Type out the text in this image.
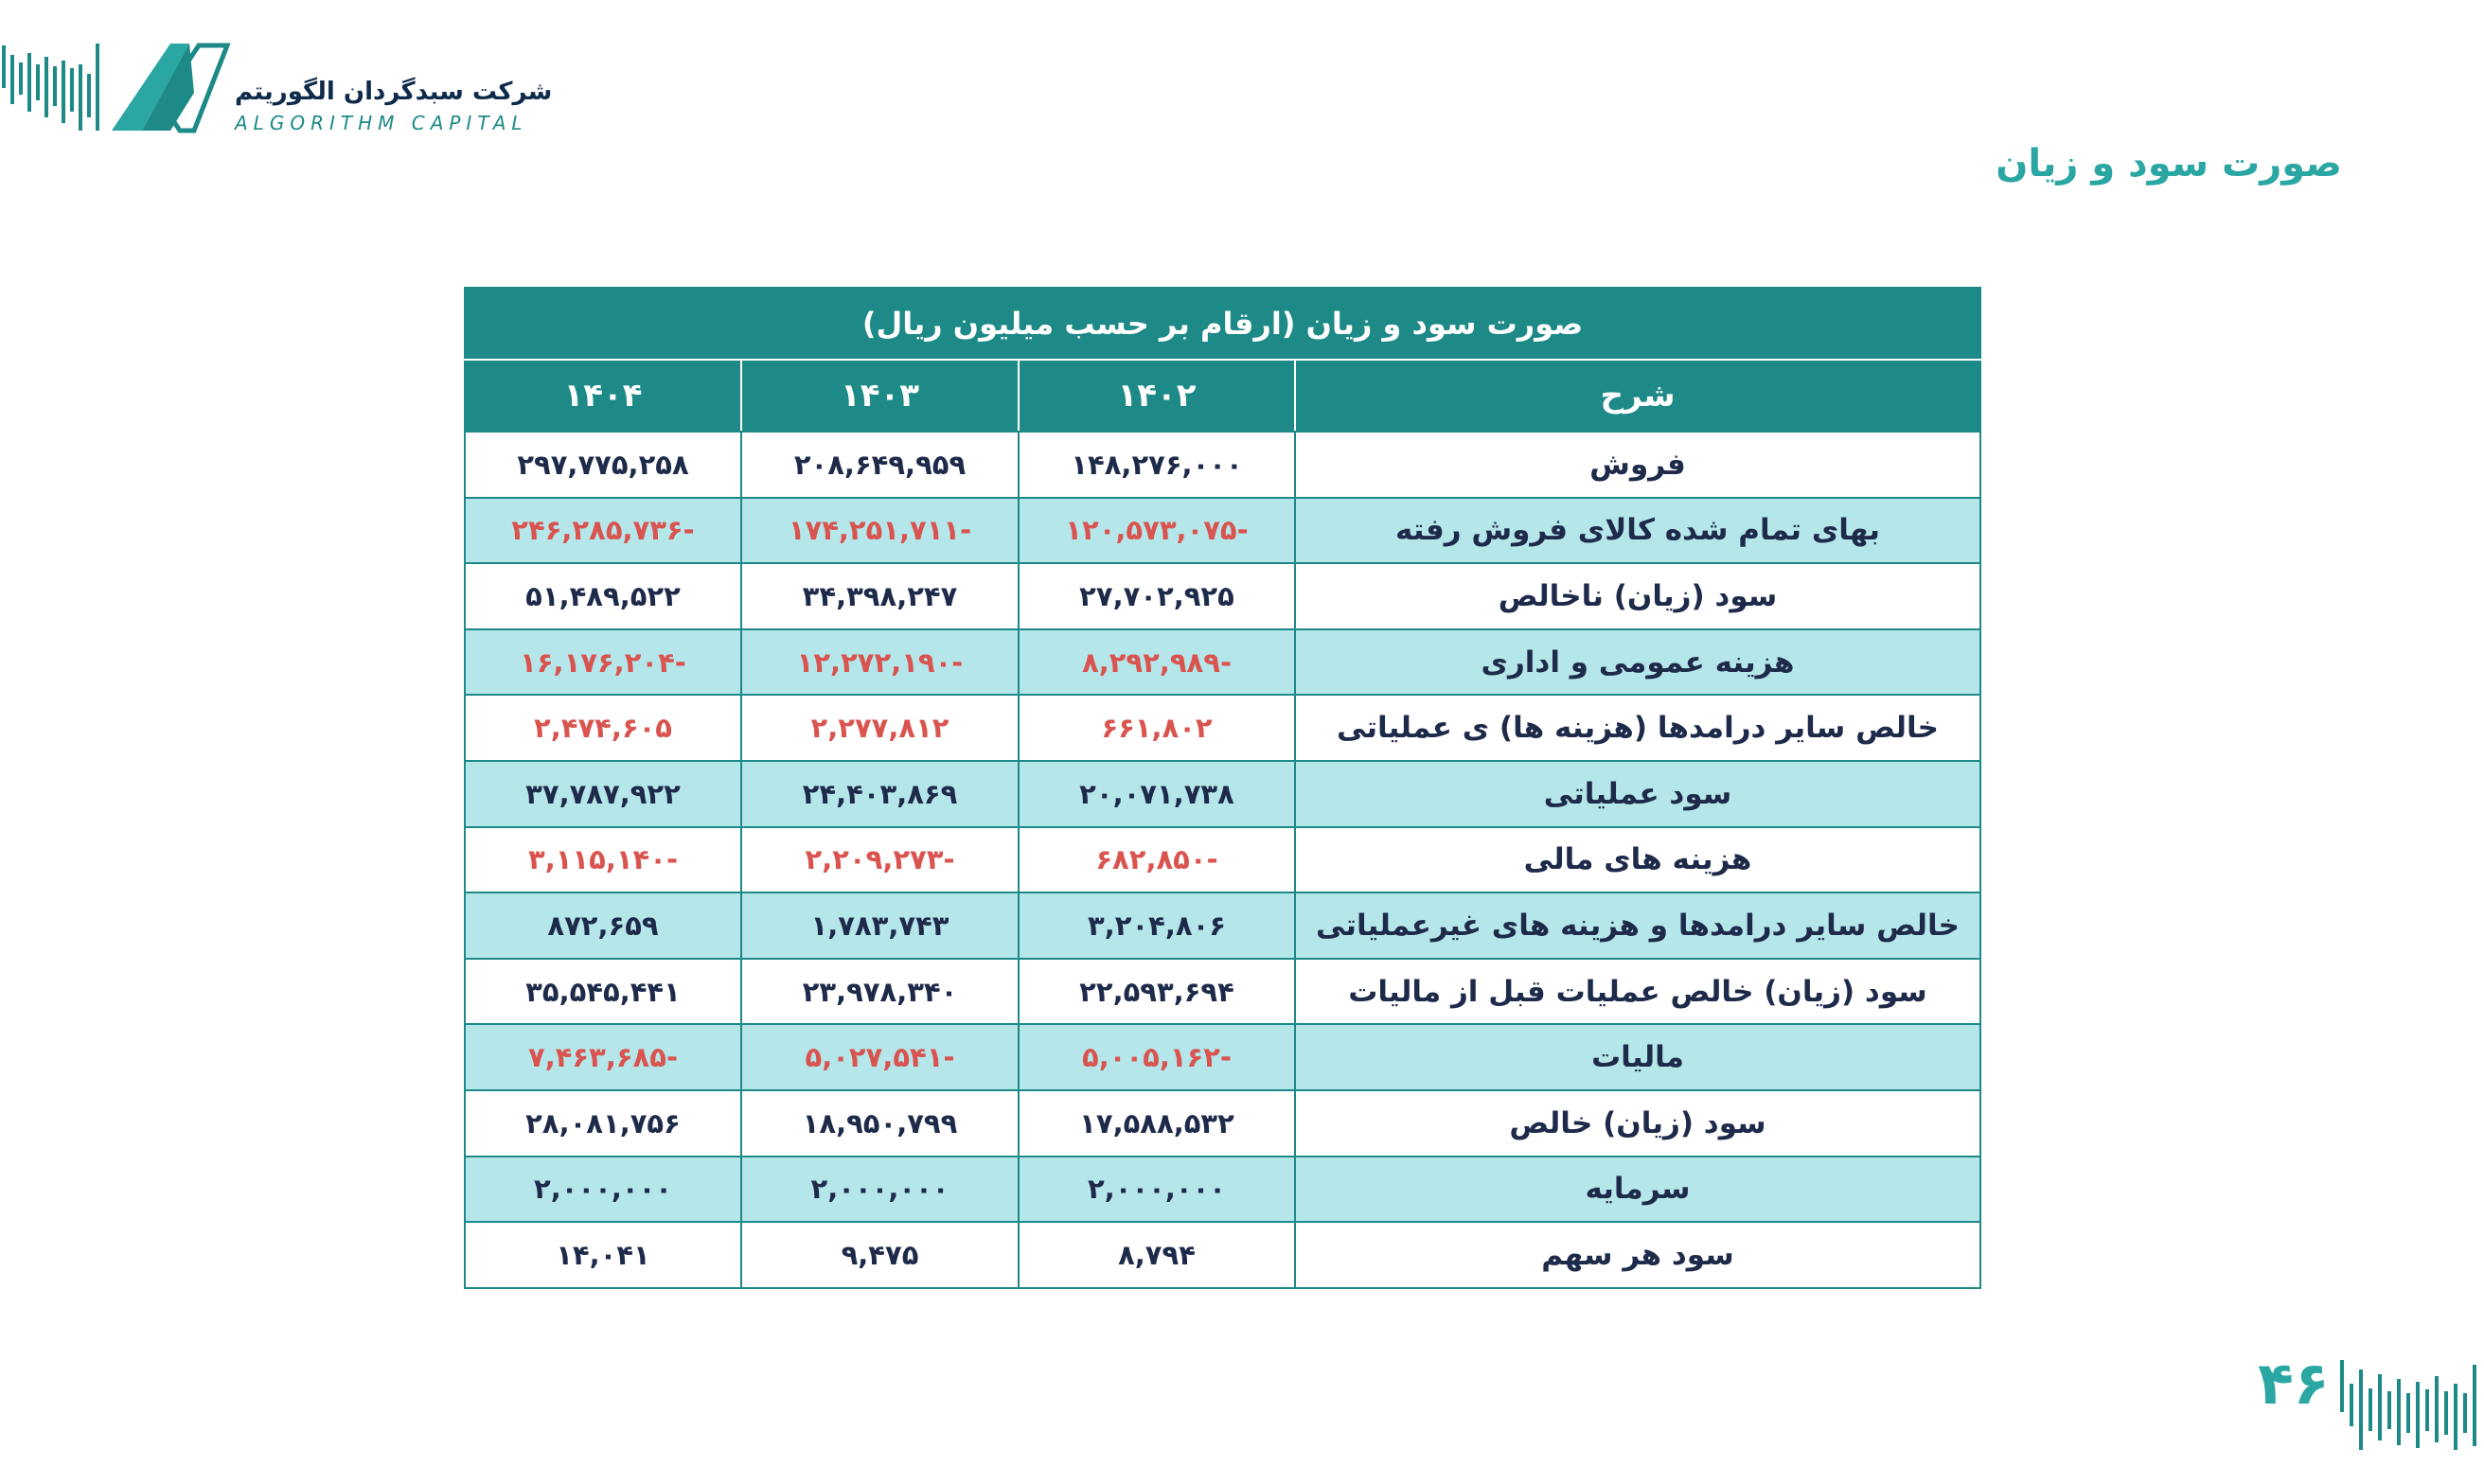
شرکت سبدگردان الگوریتم
ALGORITHM CAPITAL
صورت سود و زیان
صورت سود و زیان (ارقام بر حسب میلیون ریال)			
شرح	۱۴۰۲	۱۴۰۳	۱۴۰۴
فروش	۱۴۸,۲۷۶,۰۰۰	۲۰۸,۶۴۹,۹۵۹	۲۹۷,۷۷۵,۲۵۸
بهای تمام شده کالای فروش رفته	-۱۲۰,۵۷۳,۰۷۵	-۱۷۴,۲۵۱,۷۱۱	-۲۴۶,۲۸۵,۷۳۶
سود (زیان) ناخالص	۲۷,۷۰۲,۹۲۵	۳۴,۳۹۸,۲۴۷	۵۱,۴۸۹,۵۲۲
هزینه عمومی و اداری	-۸,۲۹۲,۹۸۹	-۱۲,۲۷۲,۱۹۰	-۱۶,۱۷۶,۲۰۴
خالص سایر درامدها (هزینه ها) ی عملیاتی	۶۶۱,۸۰۲	۲,۲۷۷,۸۱۲	۲,۴۷۴,۶۰۵
سود عملیاتی	۲۰,۰۷۱,۷۳۸	۲۴,۴۰۳,۸۶۹	۳۷,۷۸۷,۹۲۲
هزینه های مالی	-۶۸۲,۸۵۰	-۲,۲۰۹,۲۷۳	-۳,۱۱۵,۱۴۰
خالص سایر درامدها و هزینه های غیرعملیاتی	۳,۲۰۴,۸۰۶	۱,۷۸۳,۷۴۳	۸۷۲,۶۵۹
سود (زیان) خالص عملیات قبل از مالیات	۲۲,۵۹۳,۶۹۴	۲۳,۹۷۸,۳۴۰	۳۵,۵۴۵,۴۴۱
مالیات	-۵,۰۰۵,۱۶۲	-۵,۰۲۷,۵۴۱	-۷,۴۶۳,۶۸۵
سود (زیان) خالص	۱۷,۵۸۸,۵۳۲	۱۸,۹۵۰,۷۹۹	۲۸,۰۸۱,۷۵۶
سرمایه	۲,۰۰۰,۰۰۰	۲,۰۰۰,۰۰۰	۲,۰۰۰,۰۰۰
سود هر سهم	۸,۷۹۴	۹,۴۷۵	۱۴,۰۴۱
۴۶
